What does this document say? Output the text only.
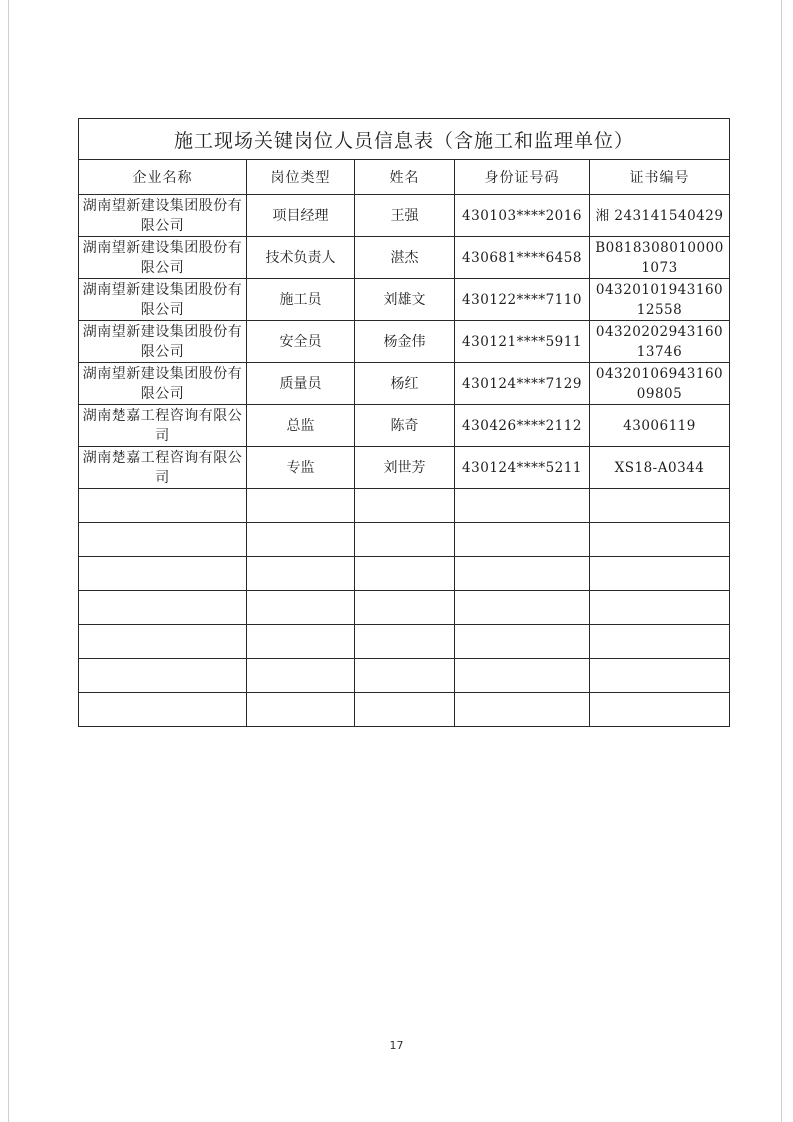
施工现场关键岗位人员信息表（含施工和监理单位）				
企业名称	岗位类型	姓名	身份证号码	证书编号
湖南望新建设集团股份有限公司	项目经理	王强	430103****2016	湘 243141540429
湖南望新建设集团股份有限公司	技术负责人	湛杰	430681****6458	B08183080100001073
湖南望新建设集团股份有限公司	施工员	刘雄文	430122****7110	0432010194316012558
湖南望新建设集团股份有限公司	安全员	杨金伟	430121****5911	0432020294316013746
湖南望新建设集团股份有限公司	质量员	杨红	430124****7129	0432010694316009805
湖南楚嘉工程咨询有限公司	总监	陈奇	430426****2112	43006119
湖南楚嘉工程咨询有限公司	专监	刘世芳	430124****5211	XS18-A0344

17
